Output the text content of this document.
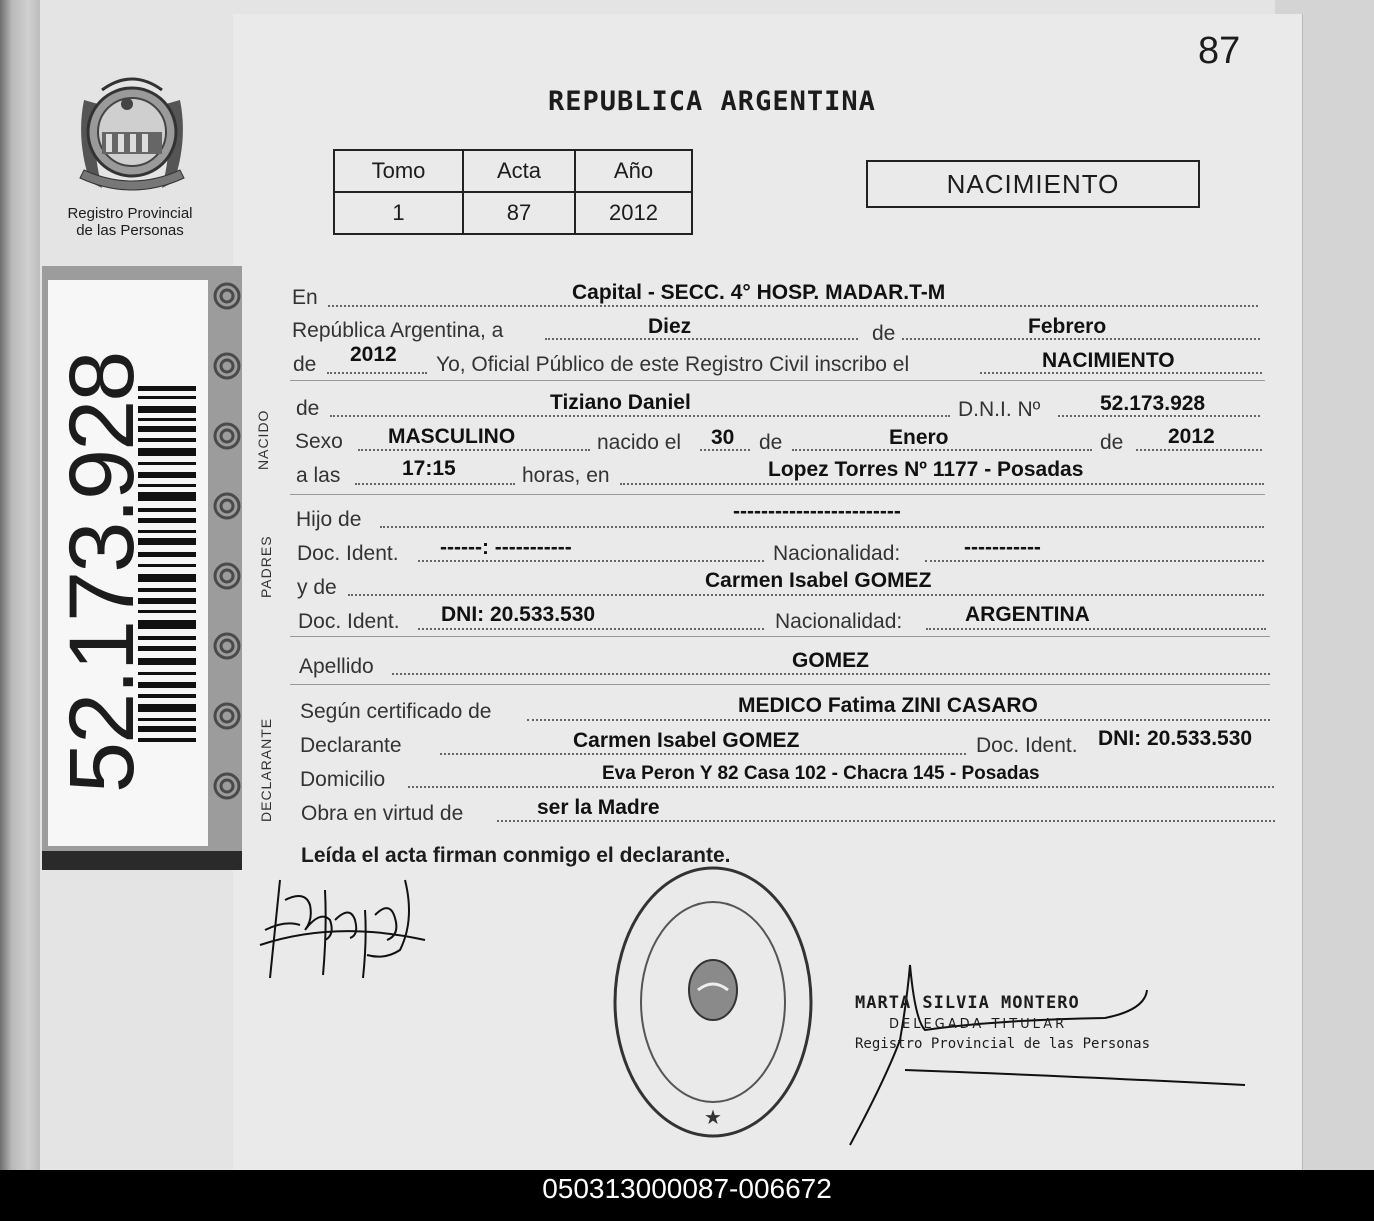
87
REPUBLICA ARGENTINA
Tomo	Acta	Año
1	87	2012
NACIMIENTO
Registro Provincial
de las Personas
52.173.928	NACIDO
PADRES
DECLARANTE
En	Capital - SECC. 4° HOSP. MADAR.T-M
República Argentina, a	Diez	de	Febrero
de 2012 Yo, Oficial Público de este Registro Civil inscribo el	NACIMIENTO
de	Tiziano Daniel	D.N.I. Nº	52.173.928
Sexo MASCULINO	nacido el 30 de	Enero	de 2012
a las	17:15	horas, en	Lopez Torres Nº 1177 - Posadas
Hijo de	------------------------
Doc. Ident. ------: -----------	Nacionalidad:	-----------
y de	Carmen Isabel GOMEZ
Doc. Ident. DNI: 20.533.530	Nacionalidad:	ARGENTINA
Apellido	GOMEZ
Según certificado de	MEDICO Fatima ZINI CASARO
Declarante	Carmen Isabel GOMEZ	Doc. Ident. DNI: 20.533.530
Domicilio	Eva Peron Y 82 Casa 102 - Chacra 145 - Posadas
Obra en virtud de	ser la Madre
Leída el acta firman conmigo el declarante.
★
MARTA SILVIA MONTERO
DELEGADA TITULAR
Registro Provincial de las Personas
050313000087-006672
